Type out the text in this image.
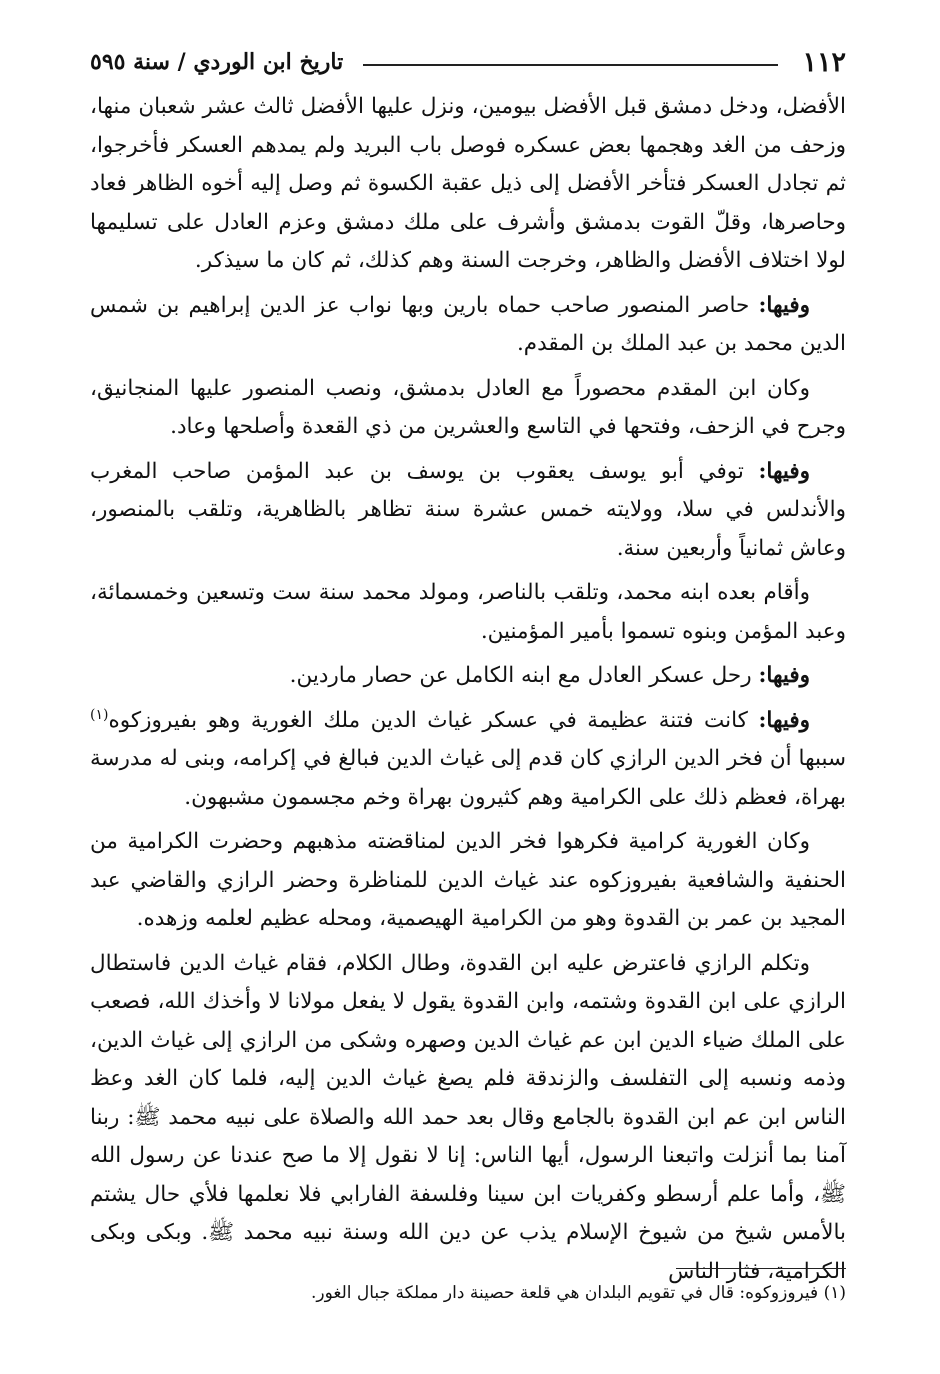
١١٢
تاريخ ابن الوردي / سنة ٥٩٥

الأفضل، ودخل دمشق قبل الأفضل بيومين، ونزل عليها الأفضل ثالث عشر شعبان منها، وزحف من الغد وهجمها بعض عسكره فوصل باب البريد ولم يمدهم العسكر فأخرجوا، ثم تجادل العسكر فتأخر الأفضل إلى ذيل عقبة الكسوة ثم وصل إليه أخوه الظاهر فعاد وحاصرها، وقلّ القوت بدمشق وأشرف على ملك دمشق وعزم العادل على تسليمها لولا اختلاف الأفضل والظاهر، وخرجت السنة وهم كذلك، ثم كان ما سيذكر.

وفيها: حاصر المنصور صاحب حماه بارين وبها نواب عز الدين إبراهيم بن شمس الدين محمد بن عبد الملك بن المقدم.

وكان ابن المقدم محصوراً مع العادل بدمشق، ونصب المنصور عليها المنجانيق، وجرح في الزحف، وفتحها في التاسع والعشرين من ذي القعدة وأصلحها وعاد.

وفيها: توفي أبو يوسف يعقوب بن يوسف بن عبد المؤمن صاحب المغرب والأندلس في سلا، وولايته خمس عشرة سنة تظاهر بالظاهرية، وتلقب بالمنصور، وعاش ثمانياً وأربعين سنة.

وأقام بعده ابنه محمد، وتلقب بالناصر، ومولد محمد سنة ست وتسعين وخمسمائة، وعبد المؤمن وبنوه تسموا بأمير المؤمنين.

وفيها: رحل عسكر العادل مع ابنه الكامل عن حصار ماردين.

وفيها: كانت فتنة عظيمة في عسكر غياث الدين ملك الغورية وهو بفيروزكوه$^{(١)}$ سببها أن فخر الدين الرازي كان قدم إلى غياث الدين فبالغ في إكرامه، وبنى له مدرسة بهراة، فعظم ذلك على الكرامية وهم كثيرون بهراة وخم مجسمون مشبهون.

وكان الغورية كرامية فكرهوا فخر الدين لمناقضته مذهبهم وحضرت الكرامية من الحنفية والشافعية بفيروزكوه عند غياث الدين للمناظرة وحضر الرازي والقاضي عبد المجيد بن عمر بن القدوة وهو من الكرامية الهيصمية، ومحله عظيم لعلمه وزهده.

وتكلم الرازي فاعترض عليه ابن القدوة، وطال الكلام، فقام غياث الدين فاستطال الرازي على ابن القدوة وشتمه، وابن القدوة يقول لا يفعل مولانا لا وأخذك الله، فصعب على الملك ضياء الدين ابن عم غياث الدين وصهره وشكى من الرازي إلى غياث الدين، وذمه ونسبه إلى التفلسف والزندقة فلم يصغ غياث الدين إليه، فلما كان الغد وعظ الناس ابن عم ابن القدوة بالجامع وقال بعد حمد الله والصلاة على نبيه محمد ﷺ: ربنا آمنا بما أنزلت واتبعنا الرسول، أيها الناس: إنا لا نقول إلا ما صح عندنا عن رسول الله ﷺ، وأما علم أرسطو وكفريات ابن سينا وفلسفة الفارابي فلا نعلمها فلأي حال يشتم بالأمس شيخ من شيوخ الإسلام يذب عن دين الله وسنة نبيه محمد ﷺ. وبكى وبكى الكرامية، فثار الناس

(١) فيروزوكوه: قال في تقويم البلدان هي قلعة حصينة دار مملكة جبال الغور.
